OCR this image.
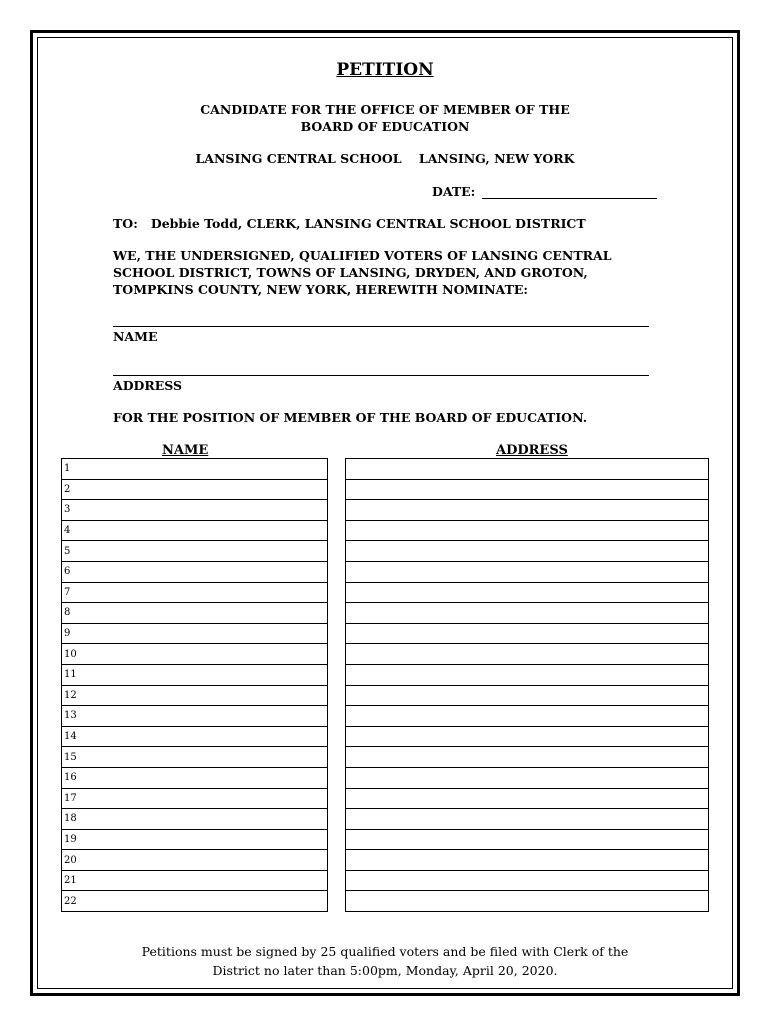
PETITION
CANDIDATE FOR THE OFFICE OF MEMBER OF THE
BOARD OF EDUCATION
LANSING CENTRAL SCHOOL    LANSING, NEW YORK
DATE:
TO:   Debbie Todd, CLERK, LANSING CENTRAL SCHOOL DISTRICT
WE, THE UNDERSIGNED, QUALIFIED VOTERS OF LANSING CENTRAL
SCHOOL DISTRICT, TOWNS OF LANSING, DRYDEN, AND GROTON,
TOMPKINS COUNTY, NEW YORK, HEREWITH NOMINATE:
NAME
ADDRESS
FOR THE POSITION OF MEMBER OF THE BOARD OF EDUCATION.
NAME	ADDRESS
1
2
3
4
5
6
7
8
9
10
11
12
13
14
15
16
17
18
19
20
21
22

Petitions must be signed by 25 qualified voters and be filed with Clerk of the
District no later than 5:00pm, Monday, April 20, 2020.
